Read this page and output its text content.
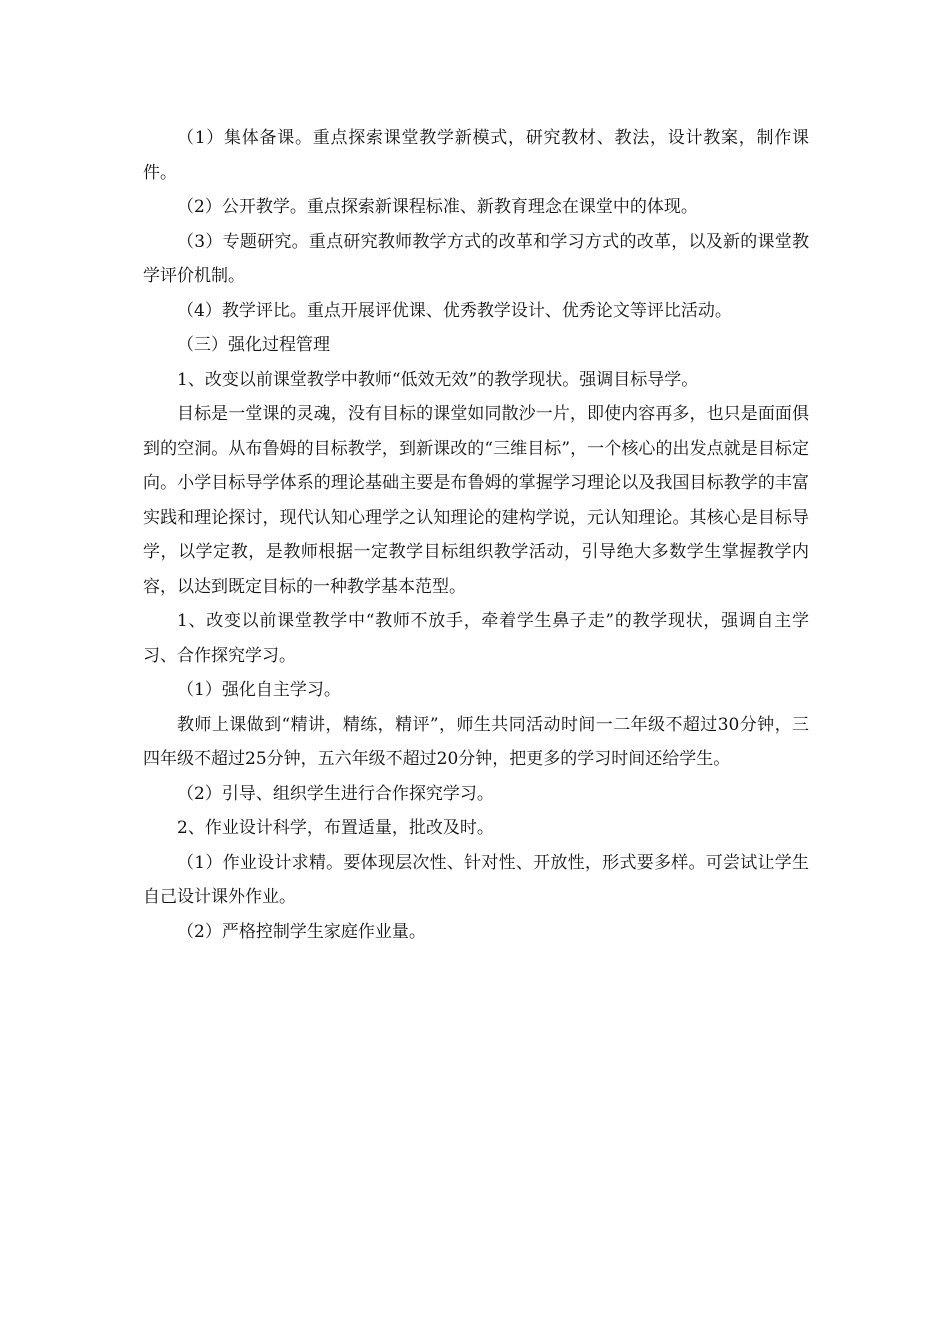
（1）集体备课。重点探索课堂教学新模式，研究教材、教法，设计教案，制作课件。

（2）公开教学。重点探索新课程标准、新教育理念在课堂中的体现。

（3）专题研究。重点研究教师教学方式的改革和学习方式的改革，以及新的课堂教学评价机制。

（4）教学评比。重点开展评优课、优秀教学设计、优秀论文等评比活动。

（三）强化过程管理

1、改变以前课堂教学中教师“低效无效”的教学现状。强调目标导学。

目标是一堂课的灵魂，没有目标的课堂如同散沙一片，即使内容再多，也只是面面俱到的空洞。从布鲁姆的目标教学，到新课改的“三维目标”，一个核心的出发点就是目标定向。小学目标导学体系的理论基础主要是布鲁姆的掌握学习理论以及我国目标教学的丰富实践和理论探讨，现代认知心理学之认知理论的建构学说，元认知理论。其核心是目标导学，以学定教，是教师根据一定教学目标组织教学活动，引导绝大多数学生掌握教学内容，以达到既定目标的一种教学基本范型。

1、改变以前课堂教学中“教师不放手，牵着学生鼻子走”的教学现状，强调自主学习、合作探究学习。

（1）强化自主学习。

教师上课做到“精讲，精练，精评”，师生共同活动时间一二年级不超过30分钟，三四年级不超过25分钟，五六年级不超过20分钟，把更多的学习时间还给学生。

（2）引导、组织学生进行合作探究学习。

2、作业设计科学，布置适量，批改及时。

（1）作业设计求精。要体现层次性、针对性、开放性，形式要多样。可尝试让学生自己设计课外作业。

（2）严格控制学生家庭作业量。
